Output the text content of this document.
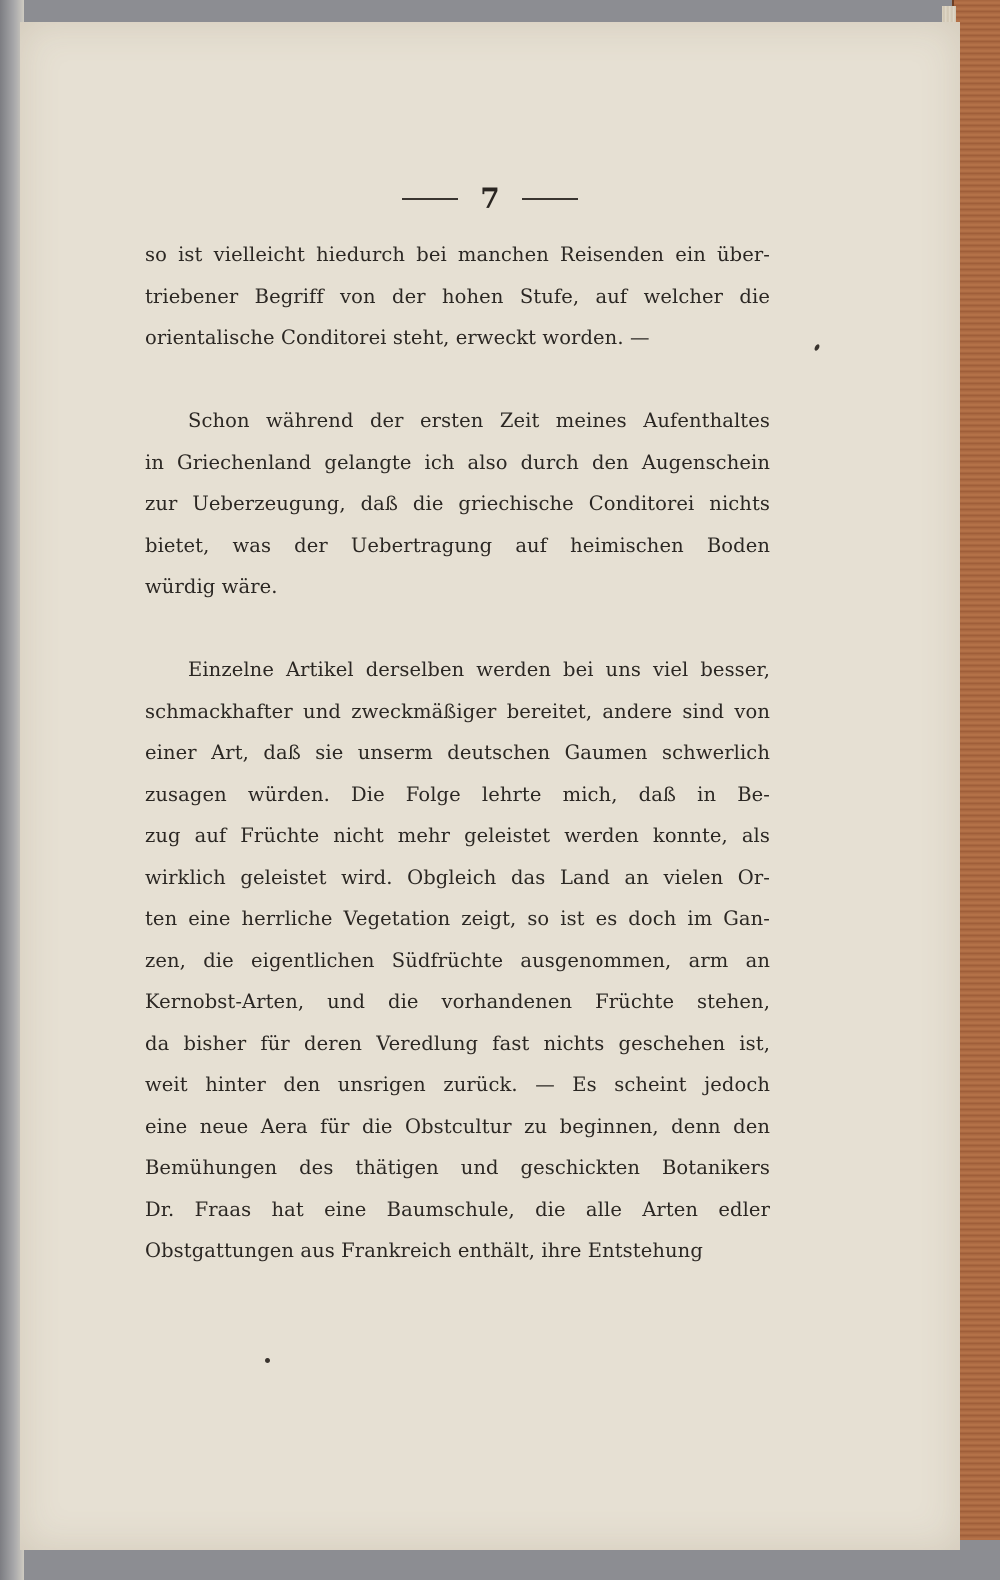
7
so ist vielleicht hiedurch bei manchen Reisenden ein über-
triebener Begriff von der hohen Stufe, auf welcher die
orientalische Conditorei steht, erweckt worden. —
Schon während der ersten Zeit meines Aufenthaltes
in Griechenland gelangte ich also durch den Augenschein
zur Ueberzeugung, daß die griechische Conditorei nichts
bietet, was der Uebertragung auf heimischen Boden
würdig wäre.
Einzelne Artikel derselben werden bei uns viel besser,
schmackhafter und zweckmäßiger bereitet, andere sind von
einer Art, daß sie unserm deutschen Gaumen schwerlich
zusagen würden. Die Folge lehrte mich, daß in Be-
zug auf Früchte nicht mehr geleistet werden konnte, als
wirklich geleistet wird. Obgleich das Land an vielen Or-
ten eine herrliche Vegetation zeigt, so ist es doch im Gan-
zen, die eigentlichen Südfrüchte ausgenommen, arm an
Kernobst-Arten, und die vorhandenen Früchte stehen,
da bisher für deren Veredlung fast nichts geschehen ist,
weit hinter den unsrigen zurück. — Es scheint jedoch
eine neue Aera für die Obstcultur zu beginnen, denn den
Bemühungen des thätigen und geschickten Botanikers
Dr. Fraas hat eine Baumschule, die alle Arten edler
Obstgattungen aus Frankreich enthält, ihre Entstehung
